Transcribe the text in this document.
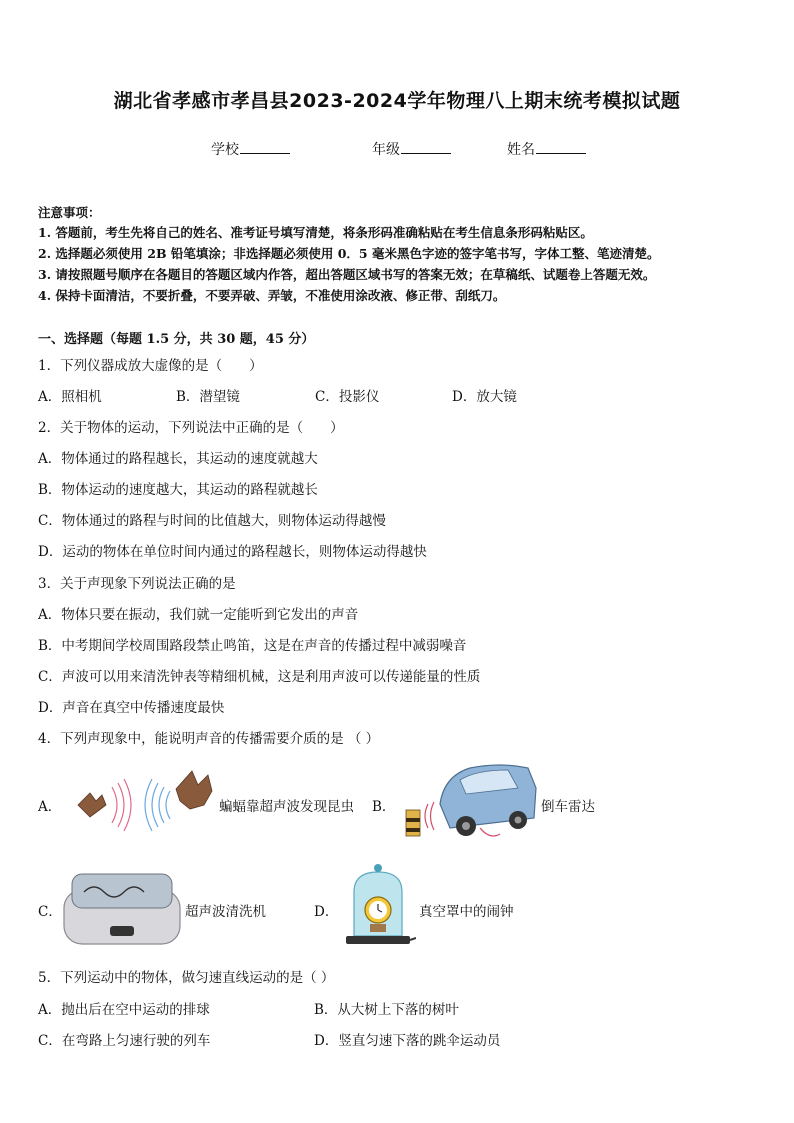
湖北省孝感市孝昌县2023-2024学年物理八上期末统考模拟试题
学校	年级	姓名
注意事项：
1. 答题前，考生先将自己的姓名、准考证号填写清楚，将条形码准确粘贴在考生信息条形码粘贴区。
2. 选择题必须使用 2B 铅笔填涂；非选择题必须使用 0．5 毫米黑色字迹的签字笔书写，字体工整、笔迹清楚。
3. 请按照题号顺序在各题目的答题区域内作答，超出答题区域书写的答案无效；在草稿纸、试题卷上答题无效。
4. 保持卡面清洁，不要折叠，不要弄破、弄皱，不准使用涂改液、修正带、刮纸刀。
一、选择题（每题 1.5 分，共 30 题，45 分）
1．下列仪器成放大虚像的是（　　）
A．照相机	B．潜望镜	C．投影仪	D．放大镜
2．关于物体的运动，下列说法中正确的是（　　）
A．物体通过的路程越长，其运动的速度就越大
B．物体运动的速度越大，其运动的路程就越长
C．物体通过的路程与时间的比值越大，则物体运动得越慢
D．运动的物体在单位时间内通过的路程越长，则物体运动得越快
3．关于声现象下列说法正确的是
A．物体只要在振动，我们就一定能听到它发出的声音
B．中考期间学校周围路段禁止鸣笛，这是在声音的传播过程中减弱噪音
C．声波可以用来清洗钟表等精细机械，这是利用声波可以传递能量的性质
D．声音在真空中传播速度最快
4．下列声现象中，能说明声音的传播需要介质的是 （ ）
A．	蝙蝠靠超声波发现昆虫 B．	倒车雷达
C．	超声波清洗机	D．	真空罩中的闹钟
5．下列运动中的物体，做匀速直线运动的是（ ）
A．抛出后在空中运动的排球	B．从大树上下落的树叶
C．在弯路上匀速行驶的列车	D．竖直匀速下落的跳伞运动员
